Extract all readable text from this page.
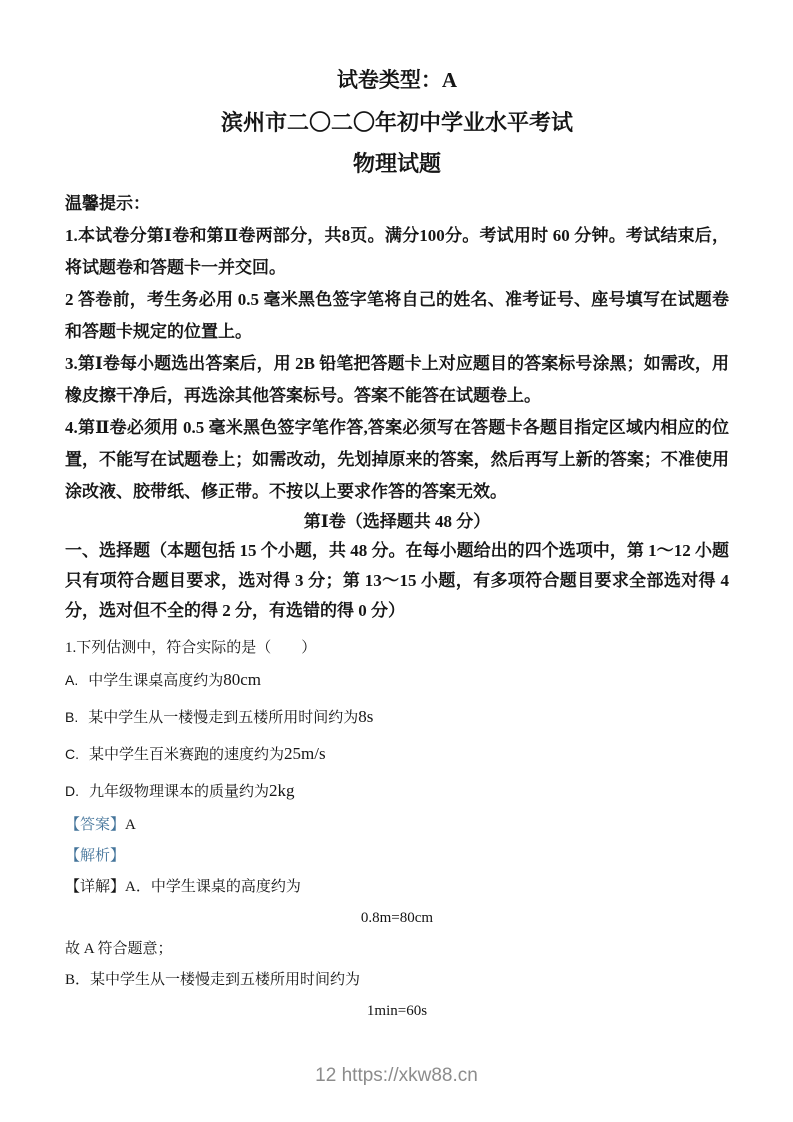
试卷类型：A

滨州市二〇二〇年初中学业水平考试
物理试题

温馨提示：

1.本试卷分第Ⅰ卷和第Ⅱ卷两部分，共8页。满分100分。考试用时 60 分钟。考试结束后，将试题卷和答题卡一并交回。

2 答卷前，考生务必用 0.5 毫米黑色签字笔将自己的姓名、准考证号、座号填写在试题卷和答题卡规定的位置上。

3.第Ⅰ卷每小题选出答案后，用 2B 铅笔把答题卡上对应题目的答案标号涂黑；如需改，用橡皮擦干净后，再选涂其他答案标号。答案不能答在试题卷上。

4.第Ⅱ卷必须用 0.5 毫米黑色签字笔作答,答案必须写在答题卡各题目指定区域内相应的位置，不能写在试题卷上；如需改动，先划掉原来的答案，然后再写上新的答案；不准使用涂改液、胶带纸、修正带。不按以上要求作答的答案无效。

第Ⅰ卷（选择题共 48 分）

一、选择题（本题包括 15 个小题，共 48 分。在每小题给出的四个选项中，第 1～12 小题只有项符合题目要求，选对得 3 分；第 13～15 小题，有多项符合题目要求全部选对得 4 分，选对但不全的得 2 分，有选错的得 0 分）

1.下列估测中，符合实际的是（　　）

A. 中学生课桌高度约为80cm

B. 某中学生从一楼慢走到五楼所用时间约为8s

C. 某中学生百米赛跑的速度约为25m/s

D. 九年级物理课本的质量约为2kg

【答案】A

【解析】

【详解】A．中学生课桌的高度约为

0.8m=80cm

故 A 符合题意；

B．某中学生从一楼慢走到五楼所用时间约为

1min=60s

12 https://xkw88.cn
